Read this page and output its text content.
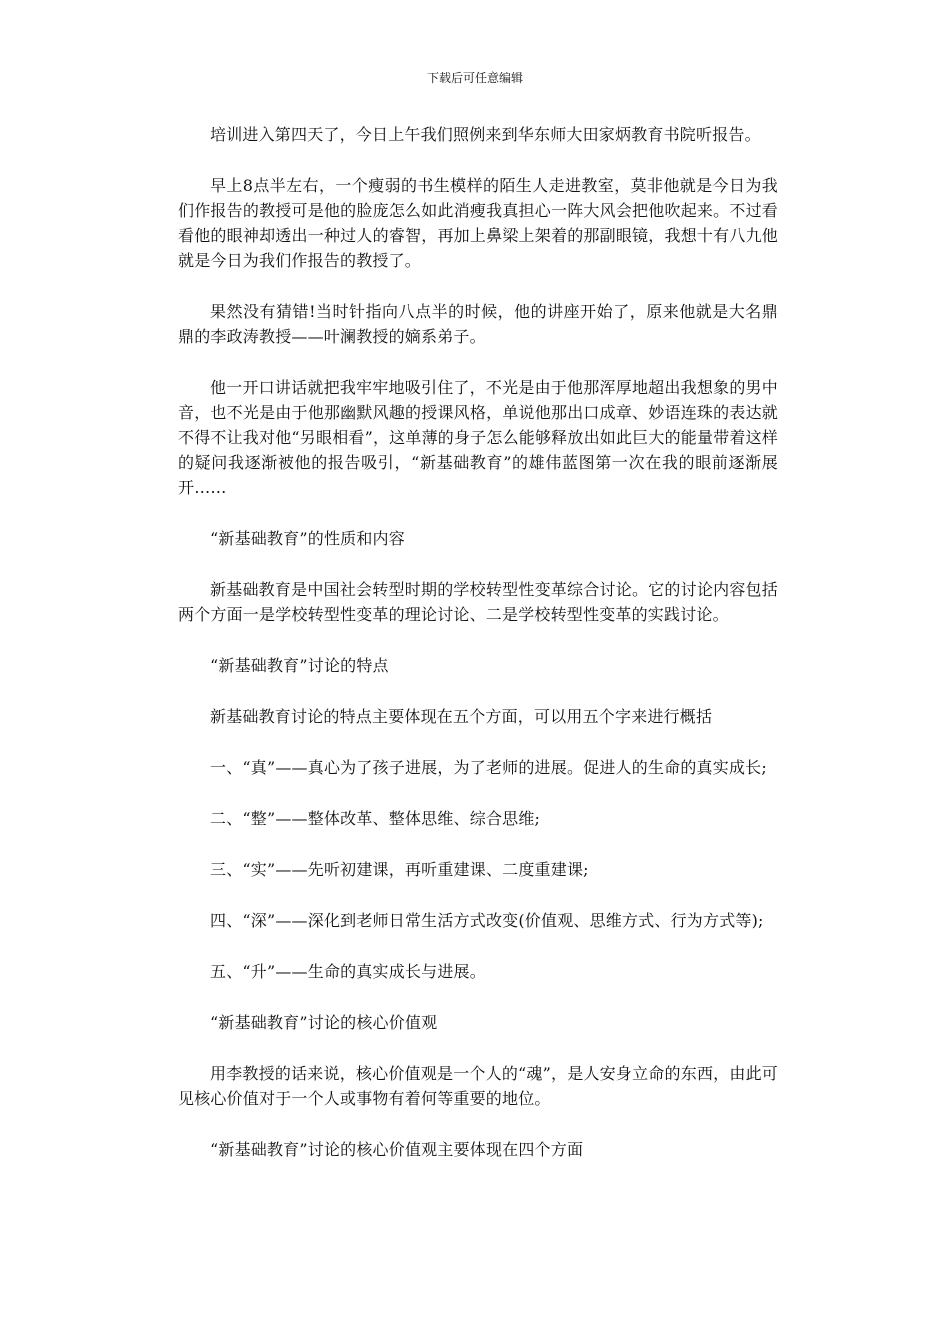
下载后可任意编辑

培训进入第四天了，今日上午我们照例来到华东师大田家炳教育书院听报告。

早上8点半左右，一个瘦弱的书生模样的陌生人走进教室，莫非他就是今日为我们作报告的教授可是他的脸庞怎么如此消瘦我真担心一阵大风会把他吹起来。不过看看他的眼神却透出一种过人的睿智，再加上鼻梁上架着的那副眼镜，我想十有八九他就是今日为我们作报告的教授了。

果然没有猜错!当时针指向八点半的时候，他的讲座开始了，原来他就是大名鼎鼎的李政涛教授——叶澜教授的嫡系弟子。

他一开口讲话就把我牢牢地吸引住了，不光是由于他那浑厚地超出我想象的男中音，也不光是由于他那幽默风趣的授课风格，单说他那出口成章、妙语连珠的表达就不得不让我对他“另眼相看”，这单薄的身子怎么能够释放出如此巨大的能量带着这样的疑问我逐渐被他的报告吸引，“新基础教育”的雄伟蓝图第一次在我的眼前逐渐展开……

“新基础教育”的性质和内容

新基础教育是中国社会转型时期的学校转型性变革综合讨论。它的讨论内容包括两个方面一是学校转型性变革的理论讨论、二是学校转型性变革的实践讨论。

“新基础教育”讨论的特点

新基础教育讨论的特点主要体现在五个方面，可以用五个字来进行概括

一、“真”——真心为了孩子进展，为了老师的进展。促进人的生命的真实成长;

二、“整”——整体改革、整体思维、综合思维;

三、“实”——先听初建课，再听重建课、二度重建课;

四、“深”——深化到老师日常生活方式改变(价值观、思维方式、行为方式等);

五、“升”——生命的真实成长与进展。

“新基础教育”讨论的核心价值观

用李教授的话来说，核心价值观是一个人的“魂”，是人安身立命的东西，由此可见核心价值对于一个人或事物有着何等重要的地位。

“新基础教育”讨论的核心价值观主要体现在四个方面
